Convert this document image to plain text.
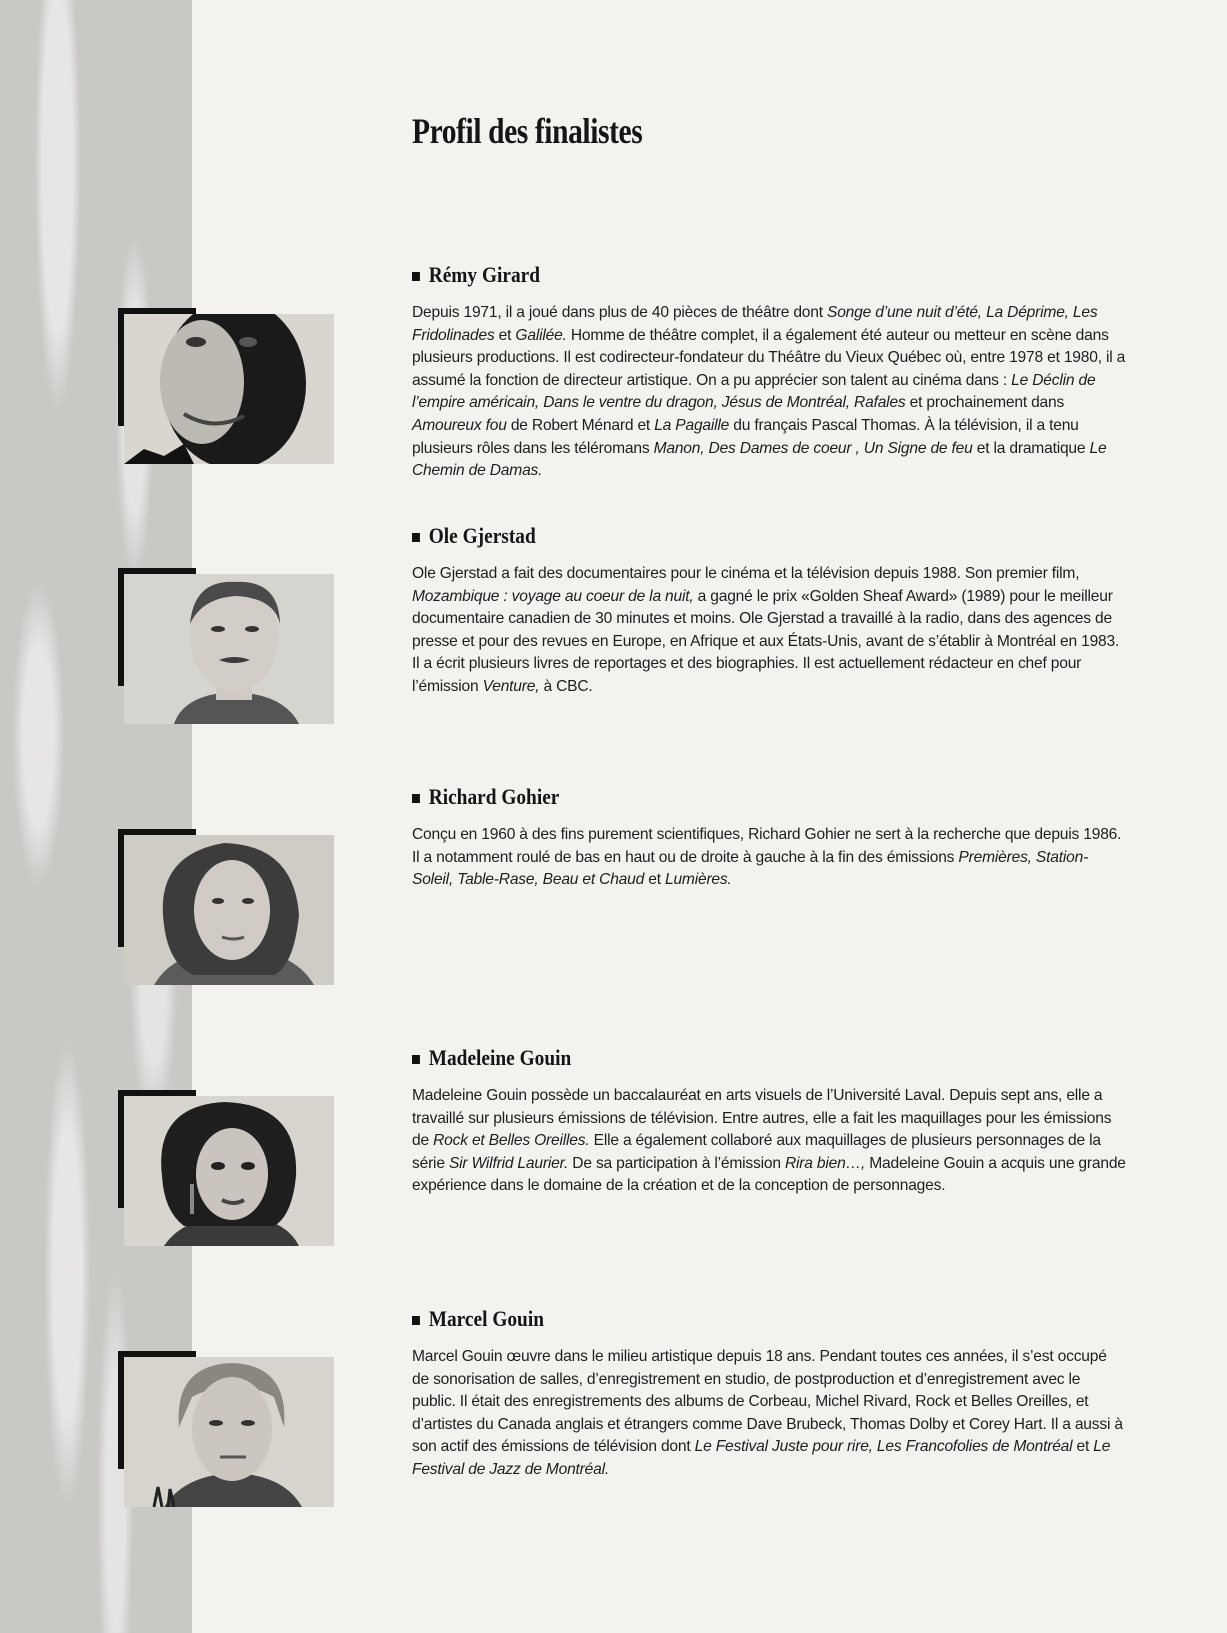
Profil des finalistes
Rémy Girard

Depuis 1971, il a joué dans plus de 40 pièces de théâtre dont Songe d’une nuit d’été, La Déprime, Les Fridolinades et Galilée. Homme de théâtre complet, il a également été auteur ou metteur en scène dans plusieurs productions. Il est codirecteur-fondateur du Théâtre du Vieux Québec où, entre 1978 et 1980, il a assumé la fonction de directeur artistique. On a pu apprécier son talent au cinéma dans : Le Déclin de l’empire américain, Dans le ventre du dragon, Jésus de Montréal, Rafales et prochainement dans Amoureux fou de Robert Ménard et La Pagaille du français Pascal Thomas. À la télévision, il a tenu plusieurs rôles dans les téléromans Manon, Des Dames de coeur , Un Signe de feu et la dramatique Le Chemin de Damas.

Ole Gjerstad

Ole Gjerstad a fait des documentaires pour le cinéma et la télévision depuis 1988. Son premier film, Mozambique : voyage au coeur de la nuit, a gagné le prix «Golden Sheaf Award» (1989) pour le meilleur documentaire canadien de 30 minutes et moins. Ole Gjerstad a travaillé à la radio, dans des agences de presse et pour des revues en Europe, en Afrique et aux États-Unis, avant de s’établir à Montréal en 1983. Il a écrit plusieurs livres de reportages et des biographies. Il est actuellement rédacteur en chef pour l’émission Venture, à CBC.

Richard Gohier

Conçu en 1960 à des fins purement scientifiques, Richard Gohier ne sert à la recherche que depuis 1986. Il a notamment roulé de bas en haut ou de droite à gauche à la fin des émissions Premières, Station-Soleil, Table-Rase, Beau et Chaud et Lumières.

Madeleine Gouin

Madeleine Gouin possède un baccalauréat en arts visuels de l’Université Laval. Depuis sept ans, elle a travaillé sur plusieurs émissions de télévision. Entre autres, elle a fait les maquillages pour les émissions de Rock et Belles Oreilles. Elle a également collaboré aux maquillages de plusieurs personnages de la série Sir Wilfrid Laurier. De sa participation à l’émission Rira bien…, Madeleine Gouin a acquis une grande expérience dans le domaine de la création et de la conception de personnages.

Marcel Gouin

Marcel Gouin œuvre dans le milieu artistique depuis 18 ans. Pendant toutes ces années, il s’est occupé de sonorisation de salles, d’enregistrement en studio, de postproduction et d’enregistrement avec le public. Il était des enregistrements des albums de Corbeau, Michel Rivard, Rock et Belles Oreilles, et d’artistes du Canada anglais et étrangers comme Dave Brubeck, Thomas Dolby et Corey Hart. Il a aussi à son actif des émissions de télévision dont Le Festival Juste pour rire, Les Francofolies de Montréal et Le Festival de Jazz de Montréal.
